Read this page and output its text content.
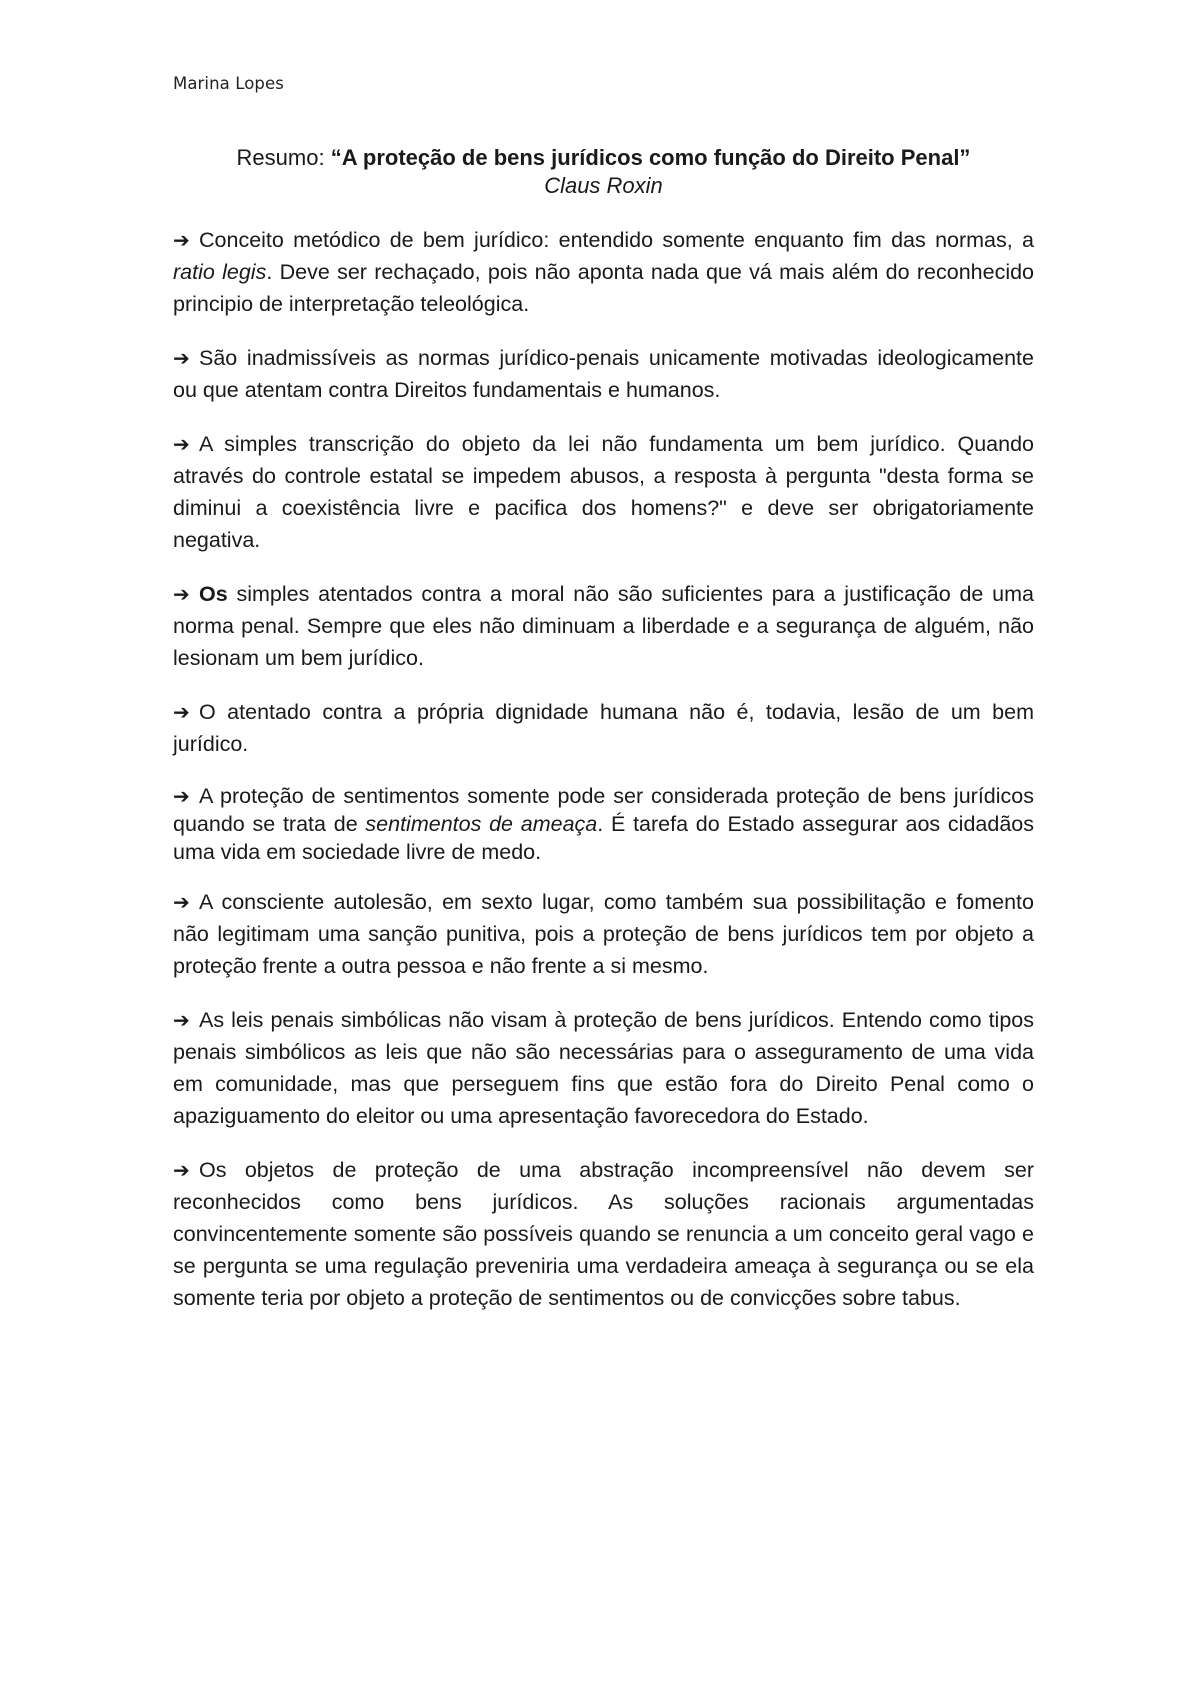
Marina Lopes
Resumo: “A proteção de bens jurídicos como função do Direito Penal”
Claus Roxin

➔ Conceito metódico de bem jurídico: entendido somente enquanto fim das normas, a ratio legis. Deve ser rechaçado, pois não aponta nada que vá mais além do reconhecido principio de interpretação teleológica.

➔ São inadmissíveis as normas jurídico-penais unicamente motivadas ideologicamente ou que atentam contra Direitos fundamentais e humanos.

➔ A simples transcrição do objeto da lei não fundamenta um bem jurídico. Quando através do controle estatal se impedem abusos, a resposta à pergunta "desta forma se diminui a coexistência livre e pacifica dos homens?" e deve ser obrigatoriamente negativa.

➔ Os simples atentados contra a moral não são suficientes para a justificação de uma norma penal. Sempre que eles não diminuam a liberdade e a segurança de alguém, não lesionam um bem jurídico.

➔ O atentado contra a própria dignidade humana não é, todavia, lesão de um bem jurídico.

➔ A proteção de sentimentos somente pode ser considerada proteção de bens jurídicos quando se trata de sentimentos de ameaça. É tarefa do Estado assegurar aos cidadãos uma vida em sociedade livre de medo.

➔ A consciente autolesão, em sexto lugar, como também sua possibilitação e fomento não legitimam uma sanção punitiva, pois a proteção de bens jurídicos tem por objeto a proteção frente a outra pessoa e não frente a si mesmo.

➔ As leis penais simbólicas não visam à proteção de bens jurídicos. Entendo como tipos penais simbólicos as leis que não são necessárias para o asseguramento de uma vida em comunidade, mas que perseguem fins que estão fora do Direito Penal como o apaziguamento do eleitor ou uma apresentação favorecedora do Estado.

➔ Os objetos de proteção de uma abstração incompreensível não devem ser reconhecidos como bens jurídicos. As soluções racionais argumentadas convincentemente somente são possíveis quando se renuncia a um conceito geral vago e se pergunta se uma regulação preveniria uma verdadeira ameaça à segurança ou se ela somente teria por objeto a proteção de sentimentos ou de convicções sobre tabus.
